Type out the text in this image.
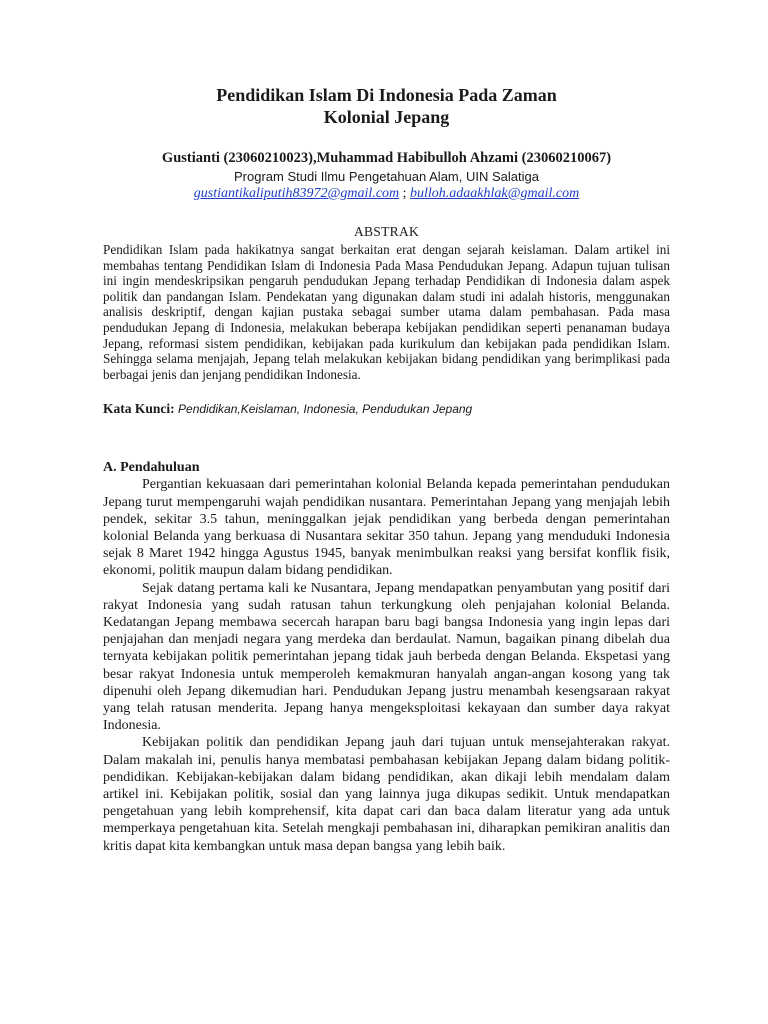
Pendidikan Islam Di Indonesia Pada Zaman
Kolonial Jepang
Gustianti (23060210023),Muhammad Habibulloh Ahzami (23060210067)
Program Studi Ilmu Pengetahuan Alam, UIN Salatiga
gustiantikaliputih83972@gmail.com ; bulloh.adaakhlak@gmail.com
ABSTRAK

Pendidikan Islam pada hakikatnya sangat berkaitan erat dengan sejarah keislaman. Dalam artikel ini membahas tentang Pendidikan Islam di Indonesia Pada Masa Pendudukan Jepang. Adapun tujuan tulisan ini ingin mendeskripsikan pengaruh pendudukan Jepang terhadap Pendidikan di Indonesia dalam aspek politik dan pandangan Islam. Pendekatan yang digunakan dalam studi ini adalah historis, menggunakan analisis deskriptif, dengan kajian pustaka sebagai sumber utama dalam pembahasan. Pada masa pendudukan Jepang di Indonesia, melakukan beberapa kebijakan pendidikan seperti penanaman budaya Jepang, reformasi sistem pendidikan, kebijakan pada kurikulum dan kebijakan pada pendidikan Islam. Sehingga selama menjajah, Jepang telah melakukan kebijakan bidang pendidikan yang berimplikasi pada berbagai jenis dan jenjang pendidikan Indonesia.

Kata Kunci: Pendidikan,Keislaman, Indonesia, Pendudukan Jepang
A. Pendahuluan

Pergantian kekuasaan dari pemerintahan kolonial Belanda kepada pemerintahan pendudukan Jepang turut mempengaruhi wajah pendidikan nusantara. Pemerintahan Jepang yang menjajah lebih pendek, sekitar 3.5 tahun, meninggalkan jejak pendidikan yang berbeda dengan pemerintahan kolonial Belanda yang berkuasa di Nusantara sekitar 350 tahun. Jepang yang menduduki Indonesia sejak 8 Maret 1942 hingga Agustus 1945, banyak menimbulkan reaksi yang bersifat konflik fisik, ekonomi, politik maupun dalam bidang pendidikan.

Sejak datang pertama kali ke Nusantara, Jepang mendapatkan penyambutan yang positif dari rakyat Indonesia yang sudah ratusan tahun terkungkung oleh penjajahan kolonial Belanda. Kedatangan Jepang membawa secercah harapan baru bagi bangsa Indonesia yang ingin lepas dari penjajahan dan menjadi negara yang merdeka dan berdaulat. Namun, bagaikan pinang dibelah dua ternyata kebijakan politik pemerintahan jepang tidak jauh berbeda dengan Belanda. Ekspetasi yang besar rakyat Indonesia untuk memperoleh kemakmuran hanyalah angan-angan kosong yang tak dipenuhi oleh Jepang dikemudian hari. Pendudukan Jepang justru menambah kesengsaraan rakyat yang telah ratusan menderita. Jepang hanya mengeksploitasi kekayaan dan sumber daya rakyat Indonesia.

Kebijakan politik dan pendidikan Jepang jauh dari tujuan untuk mensejahterakan rakyat. Dalam makalah ini, penulis hanya membatasi pembahasan kebijakan Jepang dalam bidang politik-pendidikan. Kebijakan-kebijakan dalam bidang pendidikan, akan dikaji lebih mendalam dalam artikel ini. Kebijakan politik, sosial dan yang lainnya juga dikupas sedikit. Untuk mendapatkan pengetahuan yang lebih komprehensif, kita dapat cari dan baca dalam literatur yang ada untuk memperkaya pengetahuan kita. Setelah mengkaji pembahasan ini, diharapkan pemikiran analitis dan kritis dapat kita kembangkan untuk masa depan bangsa yang lebih baik.
